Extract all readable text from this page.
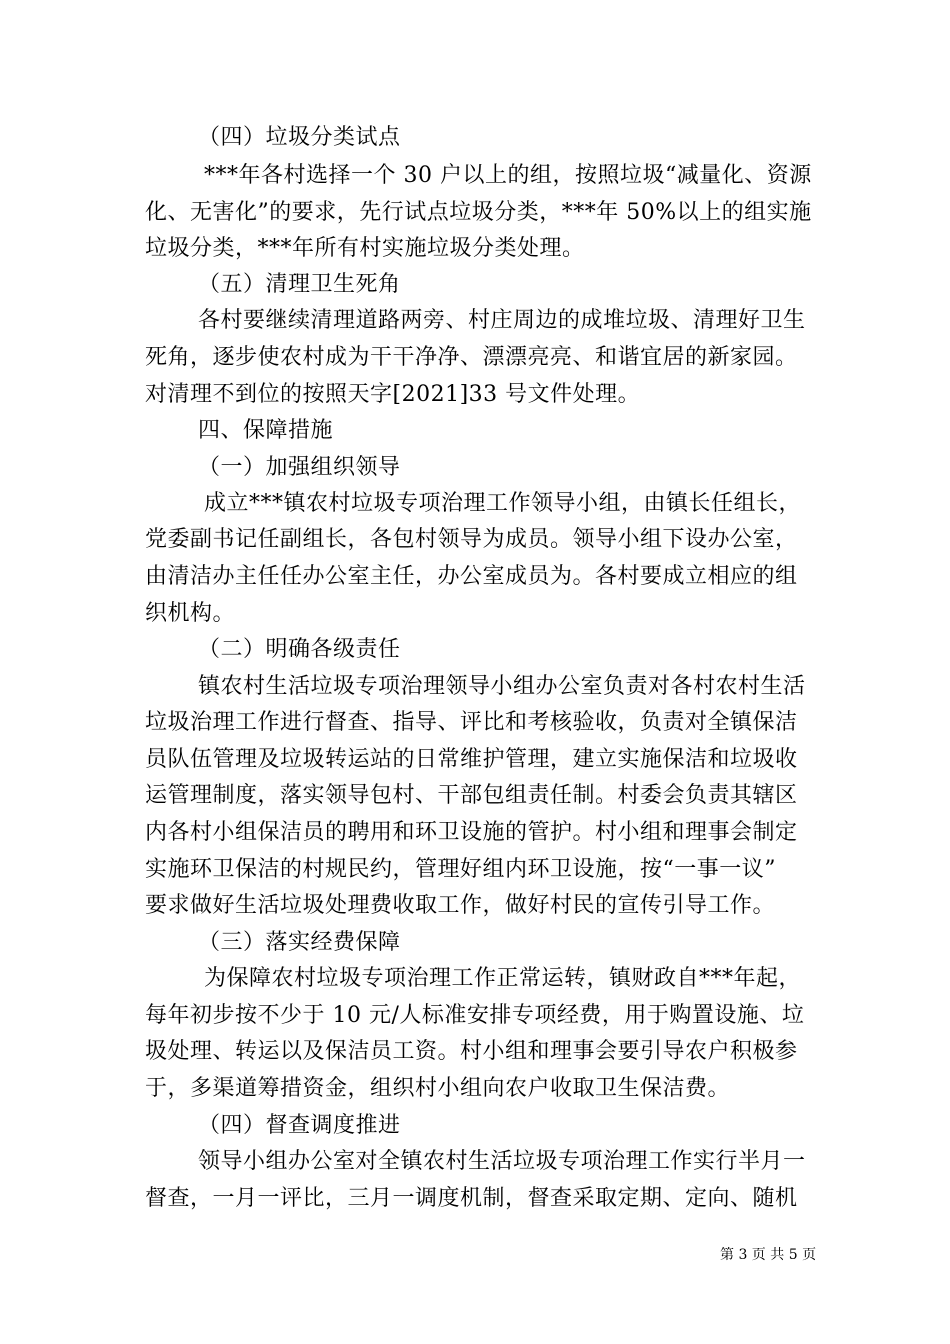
（四）垃圾分类试点
***年各村选择一个 30 户以上的组，按照垃圾“减量化、资源
化、无害化”的要求，先行试点垃圾分类，***年 50%以上的组实施
垃圾分类，***年所有村实施垃圾分类处理。
（五）清理卫生死角
各村要继续清理道路两旁、村庄周边的成堆垃圾、清理好卫生
死角，逐步使农村成为干干净净、漂漂亮亮、和谐宜居的新家园。
对清理不到位的按照天字[2021]33 号文件处理。
四、保障措施
（一）加强组织领导
成立***镇农村垃圾专项治理工作领导小组，由镇长任组长，
党委副书记任副组长，各包村领导为成员。领导小组下设办公室，
由清洁办主任任办公室主任，办公室成员为。各村要成立相应的组
织机构。
（二）明确各级责任
镇农村生活垃圾专项治理领导小组办公室负责对各村农村生活
垃圾治理工作进行督查、指导、评比和考核验收，负责对全镇保洁
员队伍管理及垃圾转运站的日常维护管理，建立实施保洁和垃圾收
运管理制度，落实领导包村、干部包组责任制。村委会负责其辖区
内各村小组保洁员的聘用和环卫设施的管护。村小组和理事会制定
实施环卫保洁的村规民约，管理好组内环卫设施，按“一事一议”
要求做好生活垃圾处理费收取工作，做好村民的宣传引导工作。
（三）落实经费保障
为保障农村垃圾专项治理工作正常运转，镇财政自***年起，
每年初步按不少于 10 元/人标准安排专项经费，用于购置设施、垃
圾处理、转运以及保洁员工资。村小组和理事会要引导农户积极参
于，多渠道筹措资金，组织村小组向农户收取卫生保洁费。
（四）督查调度推进
领导小组办公室对全镇农村生活垃圾专项治理工作实行半月一
督查，一月一评比，三月一调度机制，督查采取定期、定向、随机
第 3 页 共 5 页
